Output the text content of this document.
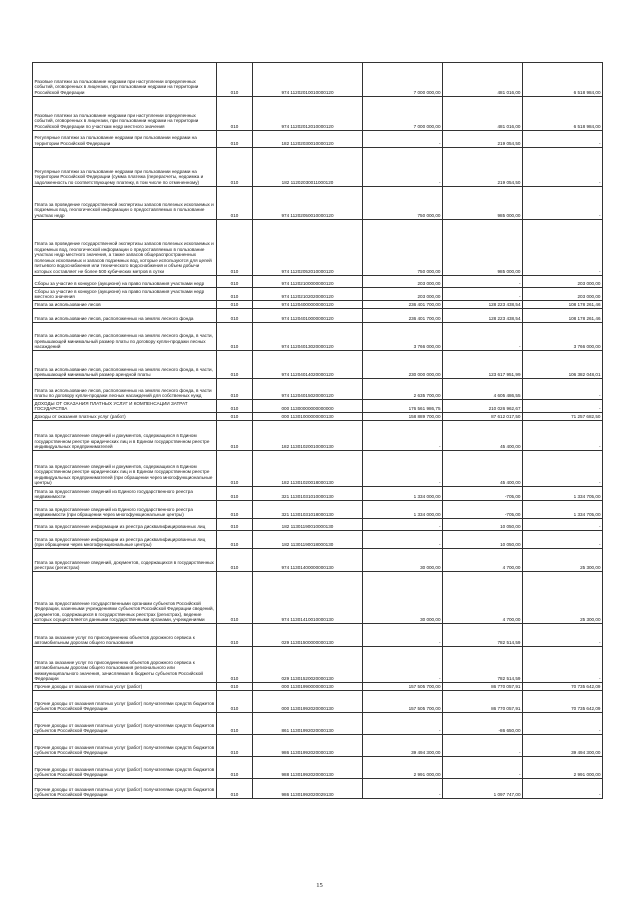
Разовые платежи за пользование недрами при наступлении определенных событий, оговоренных в лицензии, при пользовании недрами на территории Российской Федерации	010	974 11202010010000120	7 000 000,00	481 016,00	6 518 984,00
Разовые платежи за пользование недрами при наступлении определенных событий, оговоренных в лицензии, при пользовании недрами на территории Российской Федерации по участкам недр местного значения	010	974 11202012010000120	7 000 000,00	481 016,00	6 518 984,00
Регулярные платежи за пользование недрами при пользовании недрами на территории Российской Федерации	010	182 11202030010000120	-	219 054,50	-
Регулярные платежи за пользование недрами при пользовании недрами на территории Российской Федерации (сумма платежа (перерасчеты, недоимка и задолженность по соответствующему платежу, в том числе по отмененному)	010	182 11202030011000120	-	219 054,50	-
Плата за проведение государственной экспертизы запасов полезных ископаемых и подземных вод, геологической информации о предоставляемых в пользование участках недр	010	974 11202050010000120	750 000,00	985 000,00	-
Плата за проведение государственной экспертизы запасов полезных ископаемых и подземных вод, геологической информации о предоставляемых в пользование участках недр местного значения, а также запасов общераспространенных полезных ископаемых и запасов подземных вод, которые используются для целей питьевого водоснабжения или технического водоснабжения и объем добычи которых составляет не более 500 кубических метров в сутки	010	974 11202052010000120	750 000,00	985 000,00	-
Сборы за участие в конкурсе (аукционе) на право пользования участками недр	010	974 11202100000000120	203 000,00	-	203 000,00
Сборы за участие в конкурсе (аукционе) на право пользования участками недр местного значения	010	974 11202102020000120	203 000,00	-	203 000,00
Плата за использование лесов	010	974 11204000000000120	236 401 700,00	128 223 438,54	108 178 261,46
Плата за использование лесов, расположенных на землях лесного фонда	010	974 11204010000000120	236 401 700,00	128 223 438,54	108 178 261,46
Плата за использование лесов, расположенных на землях лесного фонда, в части, превышающей минимальный размер платы по договору купли-продажи лесных насаждений	010	974 11204013020000120	3 766 000,00	-	3 766 000,00
Плата за использование лесов, расположенных на землях лесного фонда, в части, превышающей минимальный размер арендной платы	010	974 11204014020000120	230 000 000,00	123 617 951,99	106 382 048,01
Плата за использование лесов, расположенных на землях лесного фонда, в части платы по договору купли-продажи лесных насаждений для собственных нужд	010	974 11204015020000120	2 635 700,00	4 605 486,55	-
ДОХОДЫ ОТ ОКАЗАНИЯ ПЛАТНЫХ УСЛУГ И КОМПЕНСАЦИИ ЗАТРАТ ГОСУДАРСТВА	010	000 11300000000000000	176 561 986,75	210 026 962,67	-
Доходы от оказания платных услуг (работ)	010	000 11301000000000130	158 889 700,00	87 612 017,50	71 257 682,50
Плата за предоставление сведений и документов, содержащихся в Едином государственном реестре юридических лиц и в Едином государственном реестре индивидуальных предпринимателей	010	182 11301020010000130	-	45 400,00	-
Плата за предоставление сведений и документов, содержащихся в Едином государственном реестре юридических лиц и в Едином государственном реестре индивидуальных предпринимателей (при обращении через многофункциональные центры)	010	182 11301020018000130	-	45 400,00	-
Плата за предоставление сведений из Единого государственного реестра недвижимости	010	321 11301031010000130	1 334 000,00	-705,00	1 334 705,00
Плата за предоставление сведений из Единого государственного реестра недвижимости (при обращении через многофункциональные центры)	010	321 11301031018000130	1 334 000,00	-705,00	1 334 705,00
Плата за предоставление информации из реестра дисквалифицированных лиц	010	182 11301190010000130	-	10 050,00	-
Плата за предоставление информации из реестра дисквалифицированных лиц (при обращении через многофункциональные центры)	010	182 11301190018000130	-	10 050,00	-
Плата за предоставление сведений, документов, содержащихся в государственных реестрах (регистрах)	010	974 11301400000000130	30 000,00	4 700,00	25 300,00
Плата за предоставление государственными органами субъектов Российской Федерации, казенными учреждениями субъектов Российской Федерации сведений, документов, содержащихся в государственных реестрах (регистрах), ведение которых осуществляется данными государственными органами, учреждениями	010	974 11301410010000130	30 000,00	4 700,00	25 300,00
Плата за оказание услуг по присоединению объектов дорожного сервиса к автомобильным дорогам общего пользования	010	029 11301500000000130	-	782 514,59	-
Плата за оказание услуг по присоединению объектов дорожного сервиса к автомобильным дорогам общего пользования регионального или межмуниципального значения, зачисляемая в бюджеты субъектов Российской Федерации	010	029 11301520020000130	-	782 514,59	-
Прочие доходы от оказания платных услуг (работ)	010	000 11301990000000130	157 505 700,00	86 770 057,91	70 735 642,09
Прочие доходы от оказания платных услуг (работ) получателями средств бюджетов субъектов Российской Федерации	010	000 11301992020000130	157 505 700,00	86 770 057,91	70 735 642,09
Прочие доходы от оказания платных услуг (работ) получателями средств бюджетов субъектов Российской Федерации	010	861 11301992020000130	-	-86 650,00	-
Прочие доходы от оказания платных услуг (работ) получателями средств бюджетов субъектов Российской Федерации	010	986 11301992020000130	39 494 300,00	-	39 494 300,00
Прочие доходы от оказания платных услуг (работ) получателями средств бюджетов субъектов Российской Федерации	010	988 11301992020000130	2 991 000,00	-	2 991 000,00
Прочие доходы от оказания платных услуг (работ) получателями средств бюджетов субъектов Российской Федерации	010	986 11301992020029130	-	1 097 747,00	-
15
